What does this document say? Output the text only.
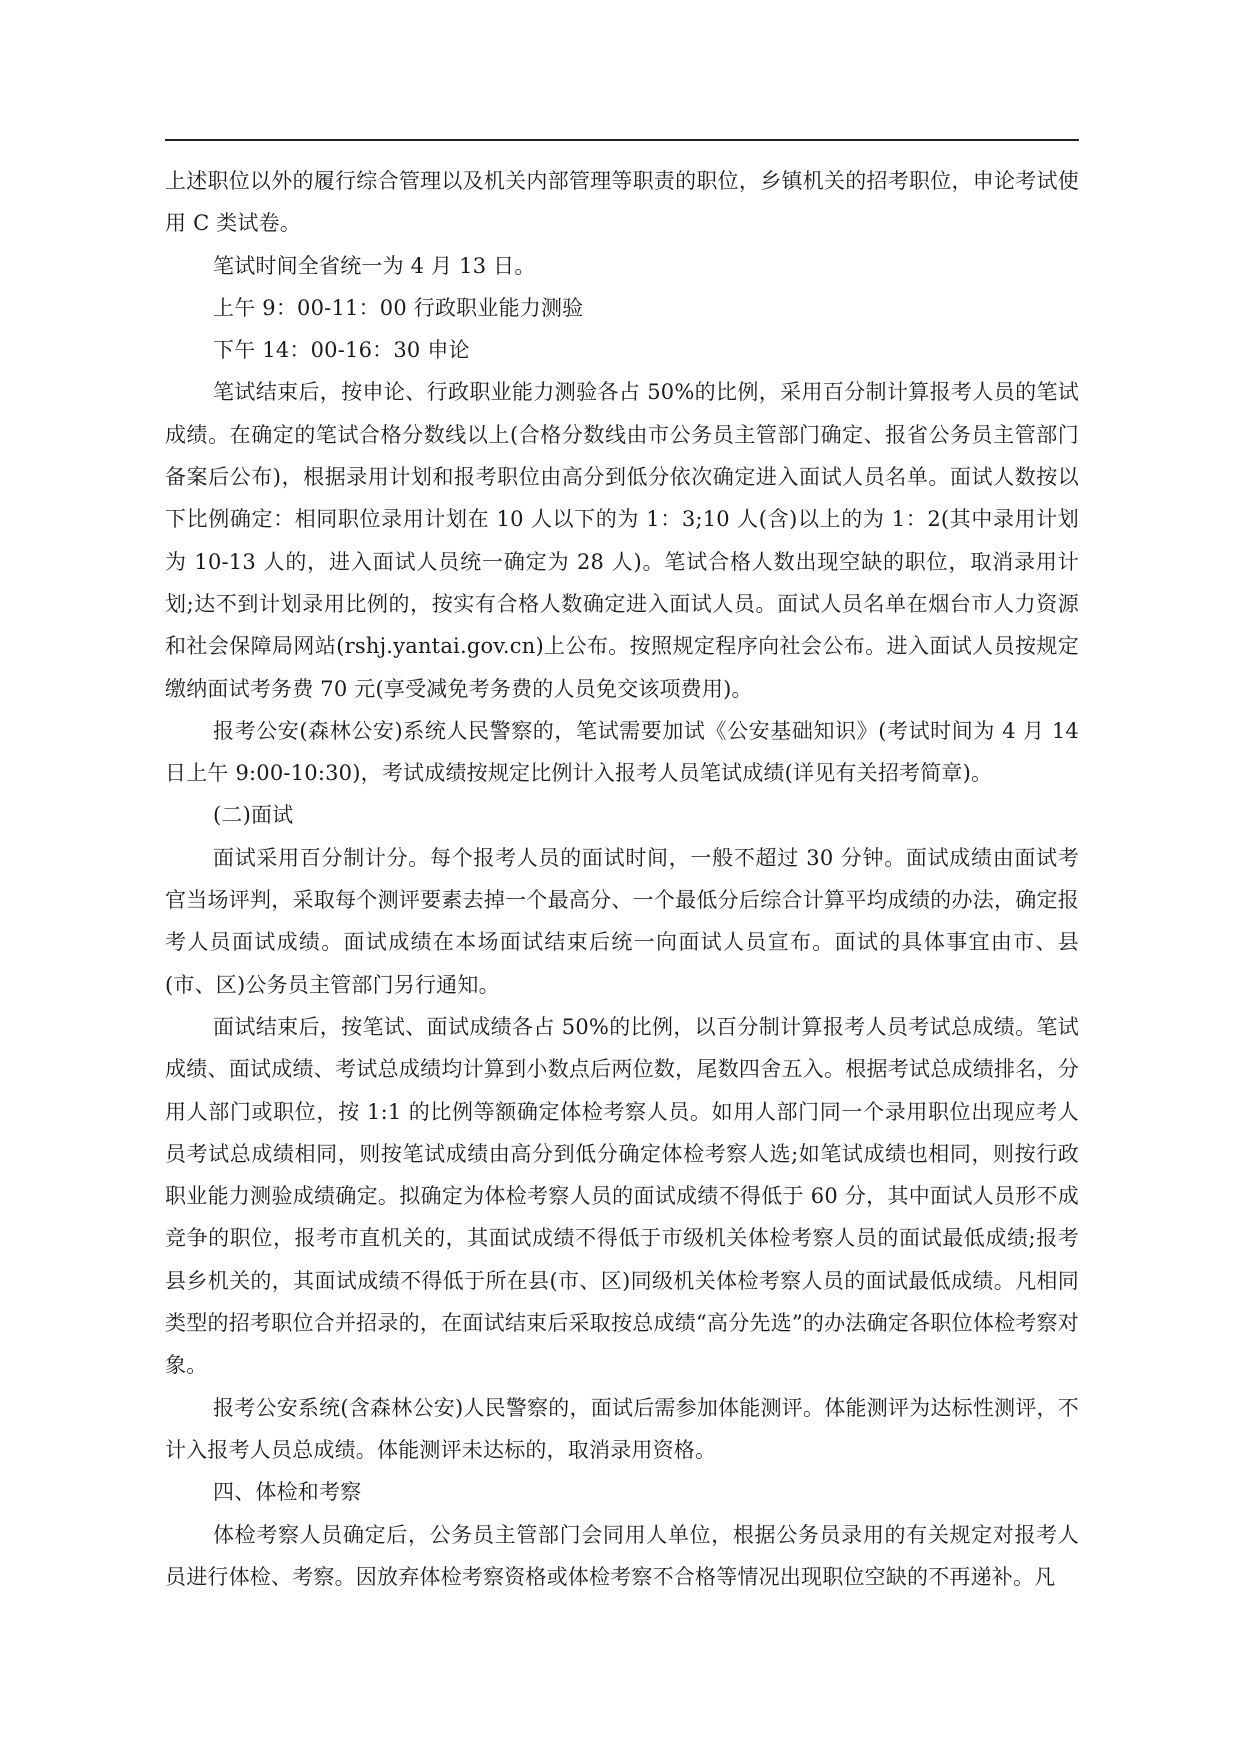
上述职位以外的履行综合管理以及机关内部管理等职责的职位，乡镇机关的招考职位，申论考试使用 C 类试卷。

笔试时间全省统一为 4 月 13 日。

上午 9：00-11：00 行政职业能力测验

下午 14：00-16：30 申论

笔试结束后，按申论、行政职业能力测验各占 50%的比例，采用百分制计算报考人员的笔试成绩。在确定的笔试合格分数线以上(合格分数线由市公务员主管部门确定、报省公务员主管部门备案后公布)，根据录用计划和报考职位由高分到低分依次确定进入面试人员名单。面试人数按以下比例确定：相同职位录用计划在 10 人以下的为 1：3;10 人(含)以上的为 1：2(其中录用计划为 10-13 人的，进入面试人员统一确定为 28 人)。笔试合格人数出现空缺的职位，取消录用计划;达不到计划录用比例的，按实有合格人数确定进入面试人员。面试人员名单在烟台市人力资源和社会保障局网站(rshj.yantai.gov.cn)上公布。按照规定程序向社会公布。进入面试人员按规定缴纳面试考务费 70 元(享受减免考务费的人员免交该项费用)。

报考公安(森林公安)系统人民警察的，笔试需要加试《公安基础知识》(考试时间为 4 月 14 日上午 9:00-10:30)，考试成绩按规定比例计入报考人员笔试成绩(详见有关招考简章)。

(二)面试

面试采用百分制计分。每个报考人员的面试时间，一般不超过 30 分钟。面试成绩由面试考官当场评判，采取每个测评要素去掉一个最高分、一个最低分后综合计算平均成绩的办法，确定报考人员面试成绩。面试成绩在本场面试结束后统一向面试人员宣布。面试的具体事宜由市、县(市、区)公务员主管部门另行通知。

面试结束后，按笔试、面试成绩各占 50%的比例，以百分制计算报考人员考试总成绩。笔试成绩、面试成绩、考试总成绩均计算到小数点后两位数，尾数四舍五入。根据考试总成绩排名，分用人部门或职位，按 1:1 的比例等额确定体检考察人员。如用人部门同一个录用职位出现应考人员考试总成绩相同，则按笔试成绩由高分到低分确定体检考察人选;如笔试成绩也相同，则按行政职业能力测验成绩确定。拟确定为体检考察人员的面试成绩不得低于 60 分，其中面试人员形不成竞争的职位，报考市直机关的，其面试成绩不得低于市级机关体检考察人员的面试最低成绩;报考县乡机关的，其面试成绩不得低于所在县(市、区)同级机关体检考察人员的面试最低成绩。凡相同类型的招考职位合并招录的，在面试结束后采取按总成绩“高分先选”的办法确定各职位体检考察对象。

报考公安系统(含森林公安)人民警察的，面试后需参加体能测评。体能测评为达标性测评，不计入报考人员总成绩。体能测评未达标的，取消录用资格。

四、体检和考察

体检考察人员确定后，公务员主管部门会同用人单位，根据公务员录用的有关规定对报考人员进行体检、考察。因放弃体检考察资格或体检考察不合格等情况出现职位空缺的不再递补。凡
